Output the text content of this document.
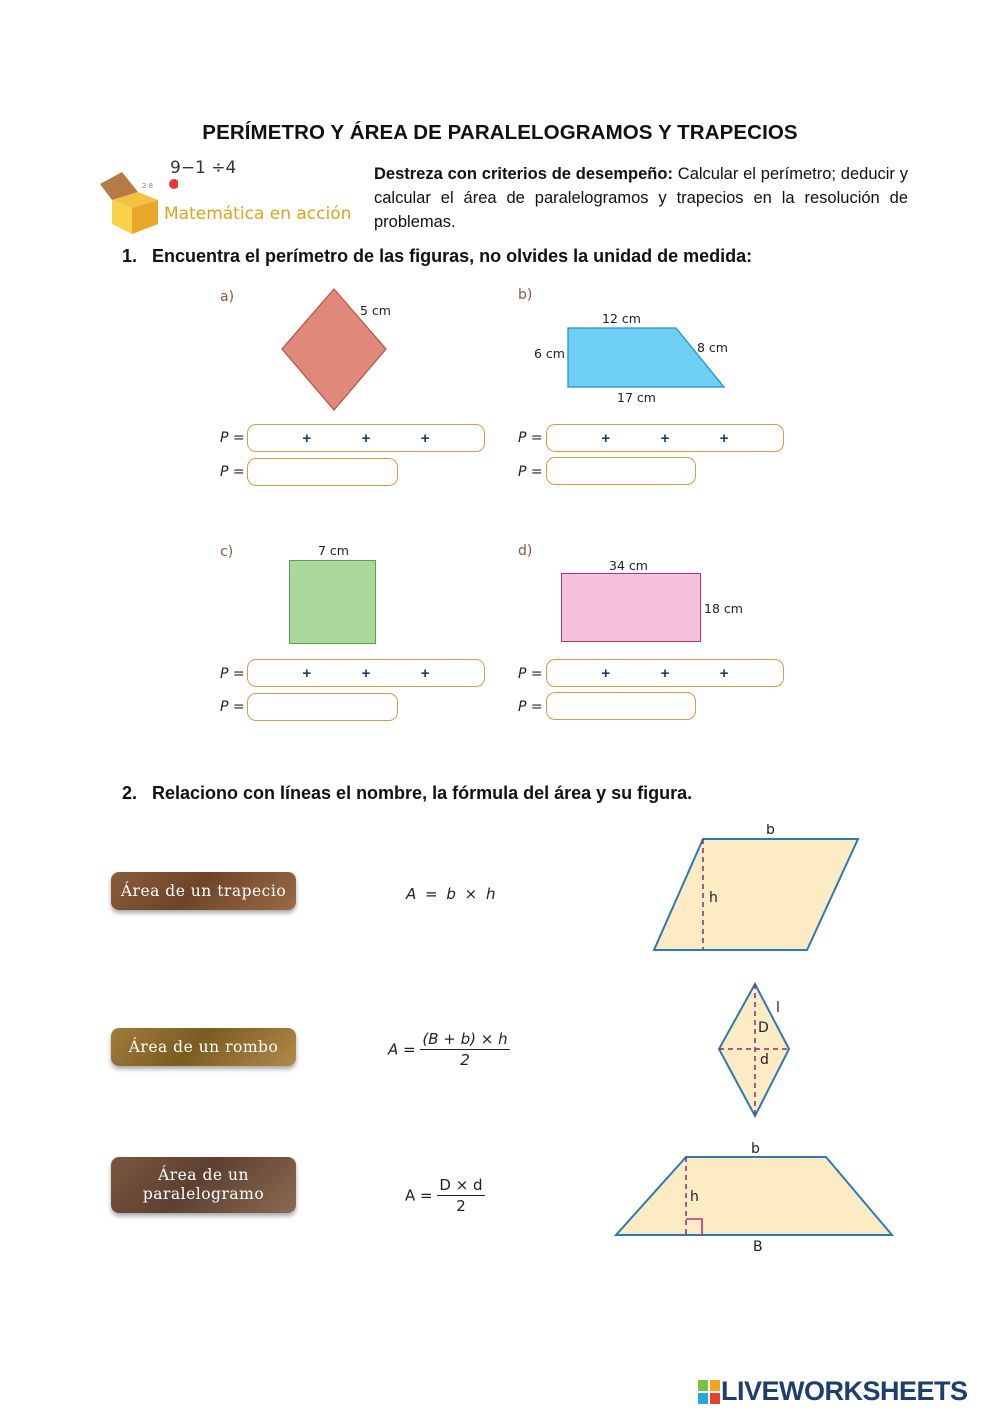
PERÍMETRO Y ÁREA DE PARALELOGRAMOS Y TRAPECIOS
2 8
9−1 ÷4
Matemática en acción
Destreza con criterios de desempeño: Calcular el perímetro; deducir y calcular el área de paralelogramos y trapecios en la resolución de problemas.
1. Encuentra el perímetro de las figuras, no olvides la unidad de medida:
a)
5 cm
b)
12 cm
6 cm	8 cm
17 cm
P =	+	+	+
P =
P =	+	+	+
P =
c)	7 cm	d)
34 cm
18 cm
P =	+	+	+
P =
P =	+	+	+
P =
2. Relaciono con líneas el nombre, la fórmula del área y su figura.
Área de un trapecio
Área de un rombo
Área de un
paralelogramo
A = b × h
$A = \frac{(B + b) \times h}{2}$
$A = \frac{D \times d}{2}$
b
h
l
D
d
b
h
B
LIVEWORKSHEETS
